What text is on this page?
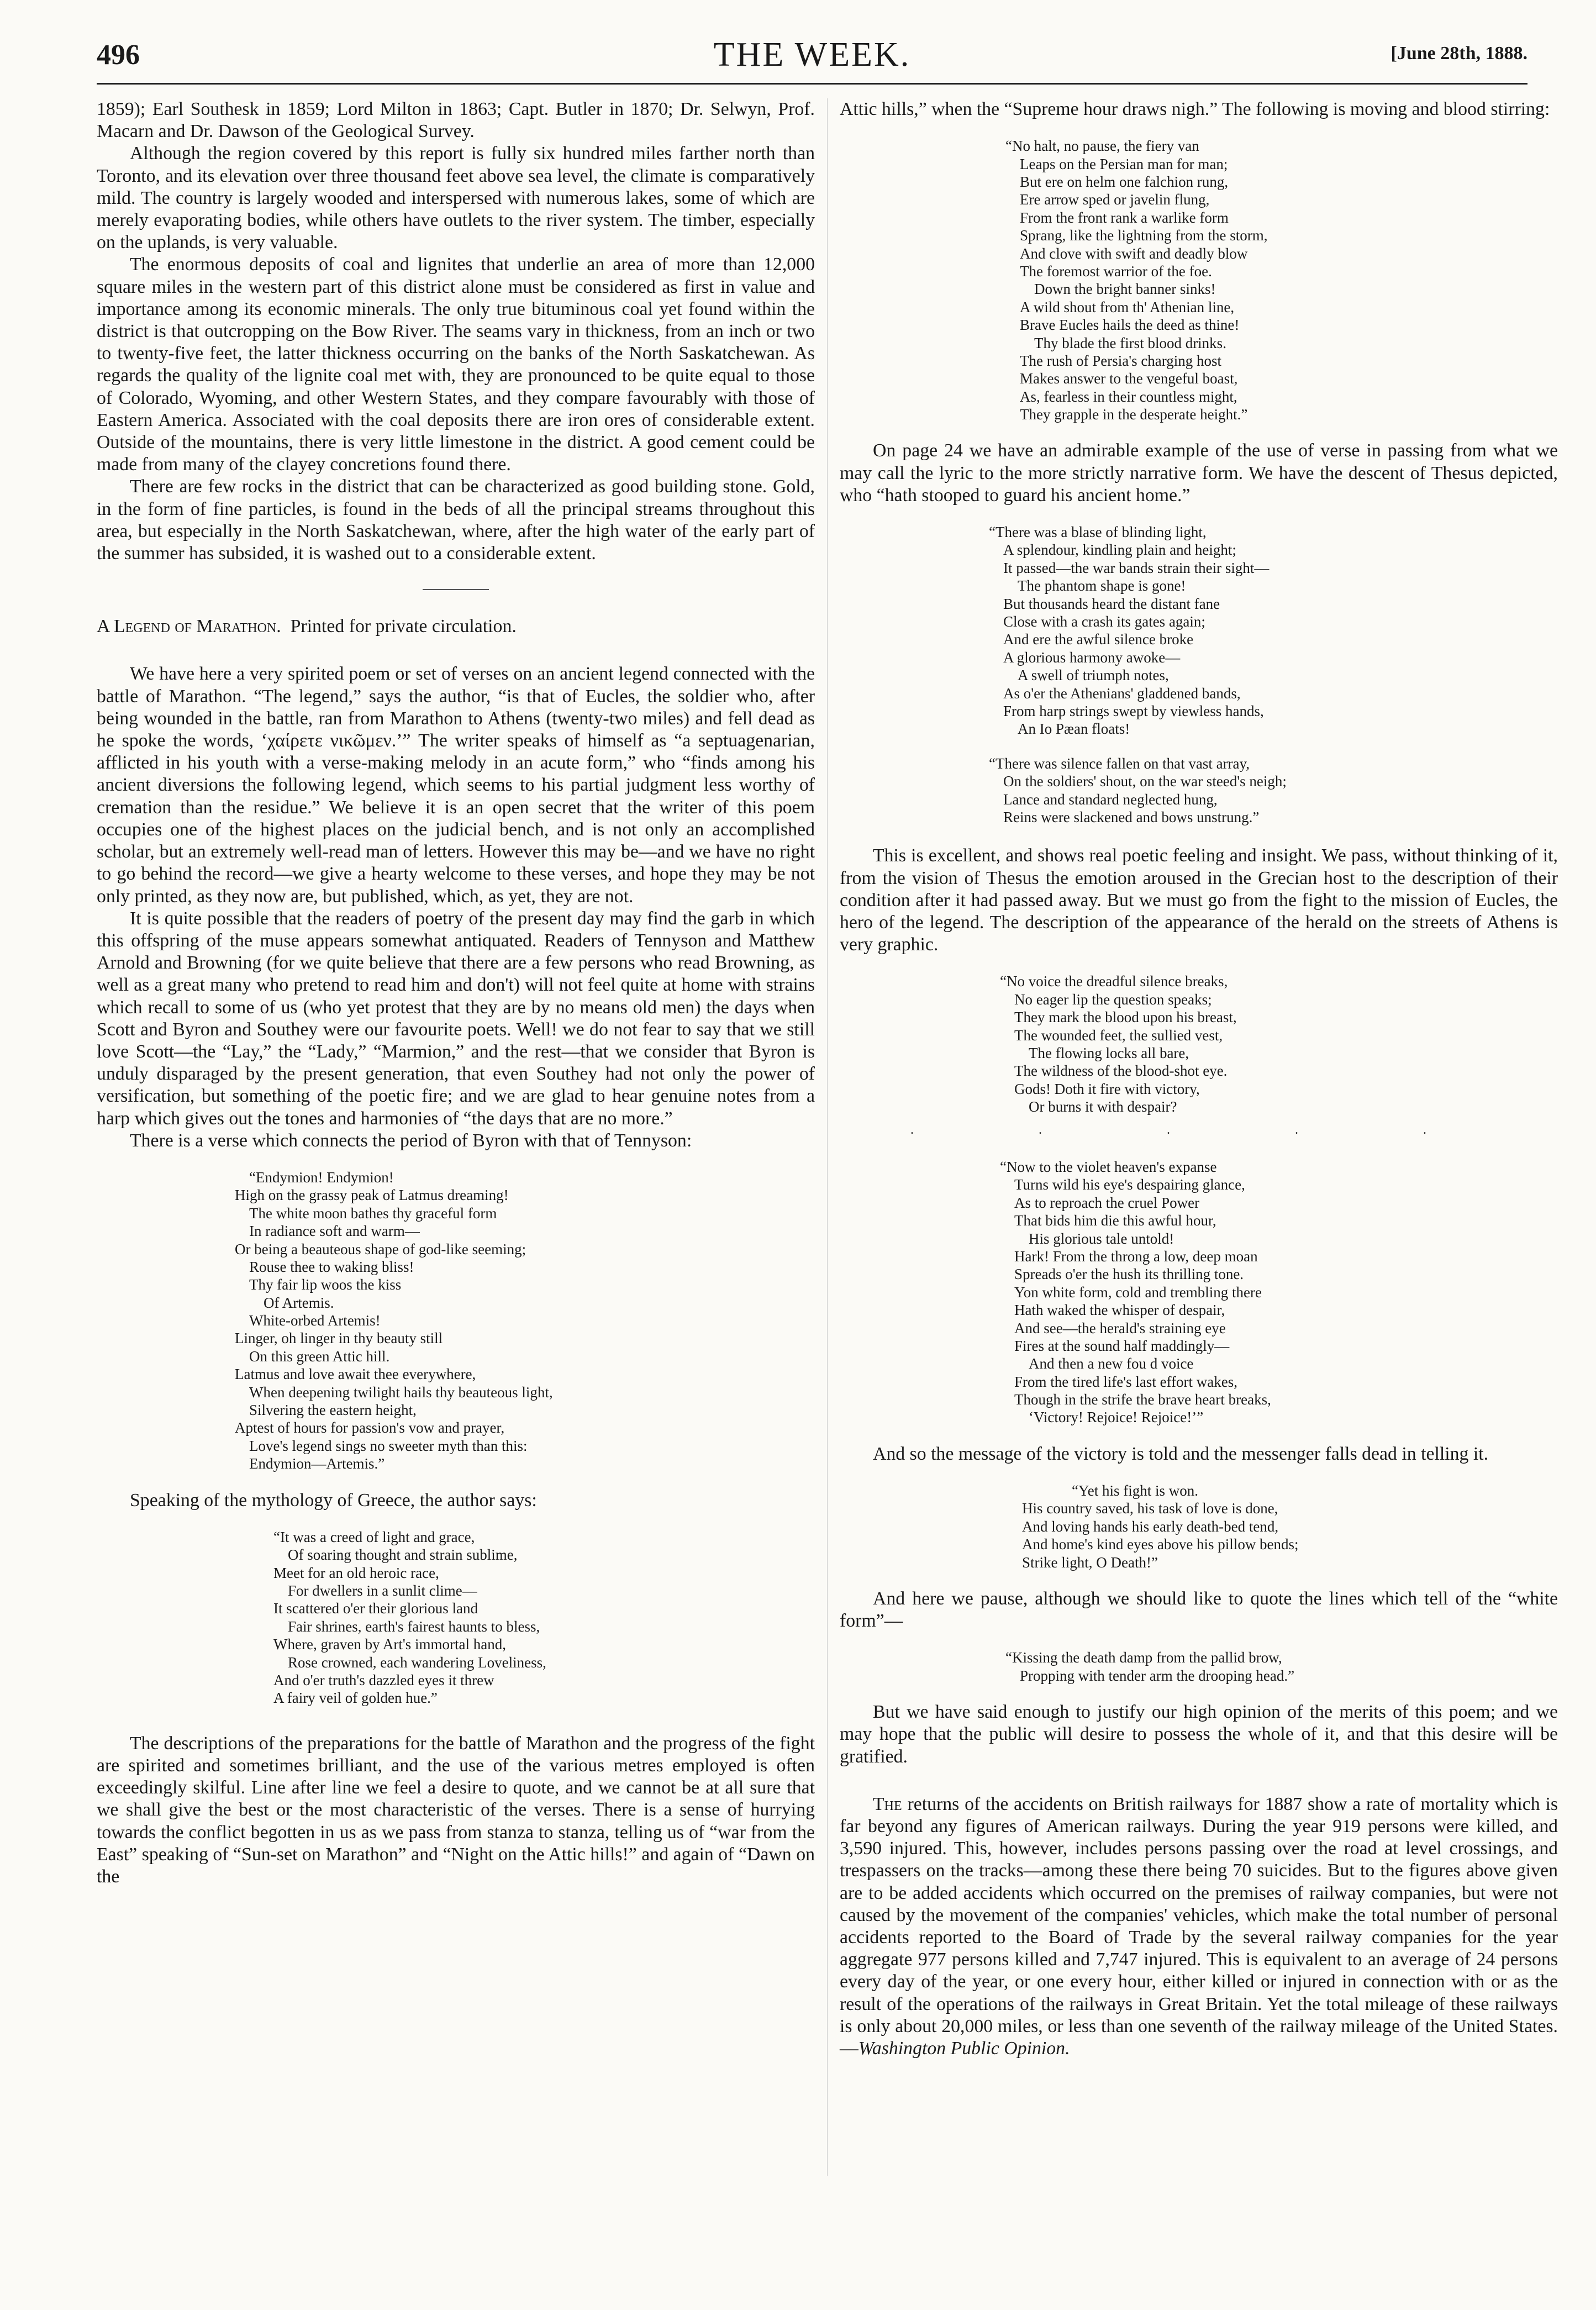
496	THE WEEK.	[June 28th, 1888.

1859); Earl Southesk in 1859; Lord Milton in 1863; Capt. Butler in 1870; Dr. Selwyn, Prof. Macarn and Dr. Dawson of the Geological Survey.

Although the region covered by this report is fully six hundred miles farther north than Toronto, and its elevation over three thousand feet above sea level, the climate is comparatively mild. The country is largely wooded and interspersed with numerous lakes, some of which are merely evaporating bodies, while others have outlets to the river system. The timber, especially on the uplands, is very valuable.

The enormous deposits of coal and lignites that underlie an area of more than 12,000 square miles in the western part of this district alone must be considered as first in value and importance among its economic minerals. The only true bituminous coal yet found within the district is that outcropping on the Bow River. The seams vary in thickness, from an inch or two to twenty-five feet, the latter thickness occurring on the banks of the North Saskatchewan. As regards the quality of the lignite coal met with, they are pronounced to be quite equal to those of Colorado, Wyoming, and other Western States, and they compare favourably with those of Eastern America. Associated with the coal deposits there are iron ores of considerable extent. Outside of the mountains, there is very little limestone in the district. A good cement could be made from many of the clayey concretions found there.

There are few rocks in the district that can be characterized as good building stone. Gold, in the form of fine particles, is found in the beds of all the principal streams throughout this area, but especially in the North Saskatchewan, where, after the high water of the early part of the summer has subsided, it is washed out to a considerable extent.

A Legend of Marathon. Printed for private circulation.

We have here a very spirited poem or set of verses on an ancient legend connected with the battle of Marathon. “The legend,” says the author, “is that of Eucles, the soldier who, after being wounded in the battle, ran from Marathon to Athens (twenty-two miles) and fell dead as he spoke the words, ‘χαίρετε νικῶμεν.’” The writer speaks of himself as “a septuagenarian, afflicted in his youth with a verse-making melody in an acute form,” who “finds among his ancient diversions the following legend, which seems to his partial judgment less worthy of cremation than the residue.” We believe it is an open secret that the writer of this poem occupies one of the highest places on the judicial bench, and is not only an accomplished scholar, but an extremely well-read man of letters. However this may be—and we have no right to go behind the record—we give a hearty welcome to these verses, and hope they may be not only printed, as they now are, but published, which, as yet, they are not.

It is quite possible that the readers of poetry of the present day may find the garb in which this offspring of the muse appears somewhat antiquated. Readers of Tennyson and Matthew Arnold and Browning (for we quite believe that there are a few persons who read Browning, as well as a great many who pretend to read him and don't) will not feel quite at home with strains which recall to some of us (who yet protest that they are by no means old men) the days when Scott and Byron and Southey were our favourite poets. Well! we do not fear to say that we still love Scott—the “Lay,” the “Lady,” “Marmion,” and the rest—that we consider that Byron is unduly disparaged by the present generation, that even Southey had not only the power of versification, but something of the poetic fire; and we are glad to hear genuine notes from a harp which gives out the tones and harmonies of “the days that are no more.”

There is a verse which connects the period of Byron with that of Tennyson:

“Endymion! Endymion!
High on the grassy peak of Latmus dreaming!
The white moon bathes thy graceful form
In radiance soft and warm—
Or being a beauteous shape of god-like seeming;
Rouse thee to waking bliss!
Thy fair lip woos the kiss
Of Artemis.
White-orbed Artemis!
Linger, oh linger in thy beauty still
On this green Attic hill.
Latmus and love await thee everywhere,
When deepening twilight hails thy beauteous light,
Silvering the eastern height,
Aptest of hours for passion's vow and prayer,
Love's legend sings no sweeter myth than this:
Endymion—Artemis.”

Speaking of the mythology of Greece, the author says:

“It was a creed of light and grace,
Of soaring thought and strain sublime,
Meet for an old heroic race,
For dwellers in a sunlit clime—
It scattered o'er their glorious land
Fair shrines, earth's fairest haunts to bless,
Where, graven by Art's immortal hand,
Rose crowned, each wandering Loveliness,
And o'er truth's dazzled eyes it threw
A fairy veil of golden hue.”

The descriptions of the preparations for the battle of Marathon and the progress of the fight are spirited and sometimes brilliant, and the use of the various metres employed is often exceedingly skilful. Line after line we feel a desire to quote, and we cannot be at all sure that we shall give the best or the most characteristic of the verses. There is a sense of hurrying towards the conflict begotten in us as we pass from stanza to stanza, telling us of “war from the East” speaking of “Sun-set on Marathon” and “Night on the Attic hills!” and again of “Dawn on the

Attic hills,” when the “Supreme hour draws nigh.” The following is moving and blood stirring:

“No halt, no pause, the fiery van
Leaps on the Persian man for man;
But ere on helm one falchion rung,
Ere arrow sped or javelin flung,
From the front rank a warlike form
Sprang, like the lightning from the storm,
And clove with swift and deadly blow
The foremost warrior of the foe.
Down the bright banner sinks!
A wild shout from th' Athenian line,
Brave Eucles hails the deed as thine!
Thy blade the first blood drinks.
The rush of Persia's charging host
Makes answer to the vengeful boast,
As, fearless in their countless might,
They grapple in the desperate height.”

On page 24 we have an admirable example of the use of verse in passing from what we may call the lyric to the more strictly narrative form. We have the descent of Thesus depicted, who “hath stooped to guard his ancient home.”

“There was a blase of blinding light,
A splendour, kindling plain and height;
It passed—the war bands strain their sight—
The phantom shape is gone!
But thousands heard the distant fane
Close with a crash its gates again;
And ere the awful silence broke
A glorious harmony awoke—
A swell of triumph notes,
As o'er the Athenians' gladdened bands,
From harp strings swept by viewless hands,
An Io Pæan floats!
“There was silence fallen on that vast array,
On the soldiers' shout, on the war steed's neigh;
Lance and standard neglected hung,
Reins were slackened and bows unstrung.”

This is excellent, and shows real poetic feeling and insight. We pass, without thinking of it, from the vision of Thesus the emotion aroused in the Grecian host to the description of their condition after it had passed away. But we must go from the fight to the mission of Eucles, the hero of the legend. The description of the appearance of the herald on the streets of Athens is very graphic.

“No voice the dreadful silence breaks,
No eager lip the question speaks;
They mark the blood upon his breast,
The wounded feet, the sullied vest,
The flowing locks all bare,
The wildness of the blood-shot eye.
Gods! Doth it fire with victory,
Or burns it with despair?
. . . . .
“Now to the violet heaven's expanse
Turns wild his eye's despairing glance,
As to reproach the cruel Power
That bids him die this awful hour,
His glorious tale untold!
Hark! From the throng a low, deep moan
Spreads o'er the hush its thrilling tone.
Yon white form, cold and trembling there
Hath waked the whisper of despair,
And see—the herald's straining eye
Fires at the sound half maddingly—
And then a new fou d voice
From the tired life's last effort wakes,
Though in the strife the brave heart breaks,
‘Victory! Rejoice! Rejoice!’”

And so the message of the victory is told and the messenger falls dead in telling it.

“Yet his fight is won.
His country saved, his task of love is done,
And loving hands his early death-bed tend,
And home's kind eyes above his pillow bends;
Strike light, O Death!”

And here we pause, although we should like to quote the lines which tell of the “white form”—

“Kissing the death damp from the pallid brow,
Propping with tender arm the drooping head.”

But we have said enough to justify our high opinion of the merits of this poem; and we may hope that the public will desire to possess the whole of it, and that this desire will be gratified.

The returns of the accidents on British railways for 1887 show a rate of mortality which is far beyond any figures of American railways. During the year 919 persons were killed, and 3,590 injured. This, however, includes persons passing over the road at level crossings, and trespassers on the tracks—among these there being 70 suicides. But to the figures above given are to be added accidents which occurred on the premises of railway companies, but were not caused by the movement of the companies' vehicles, which make the total number of personal accidents reported to the Board of Trade by the several railway companies for the year aggregate 977 persons killed and 7,747 injured. This is equivalent to an average of 24 persons every day of the year, or one every hour, either killed or injured in connection with or as the result of the operations of the railways in Great Britain. Yet the total mileage of these railways is only about 20,000 miles, or less than one seventh of the railway mileage of the United States.—Washington Public Opinion.
